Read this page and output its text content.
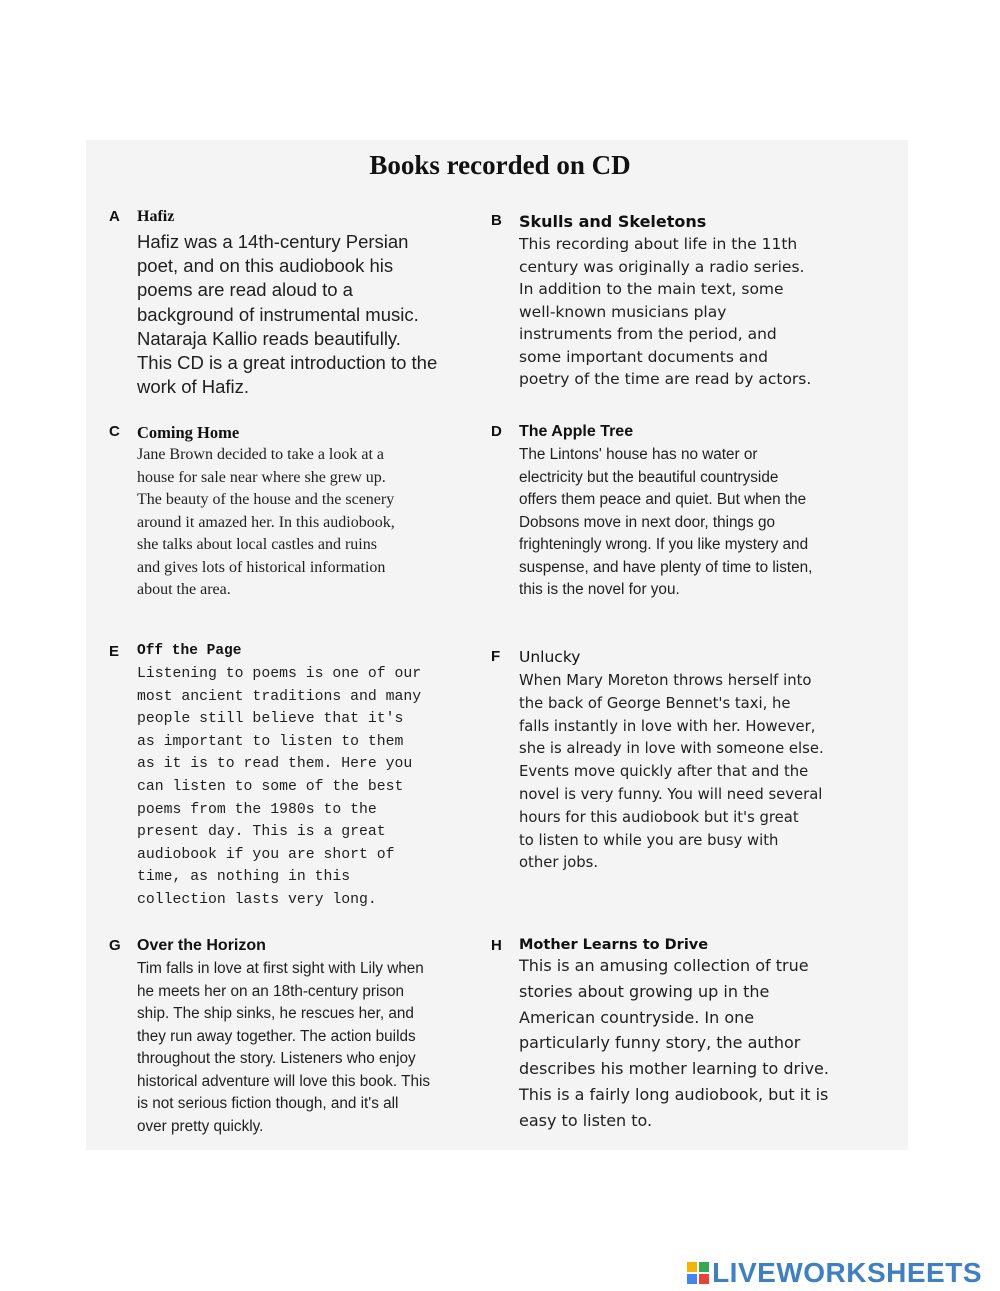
Books recorded on CD
A Hafiz

Hafiz was a 14th-century Persian
poet, and on this audiobook his
poems are read aloud to a
background of instrumental music.
Nataraja Kallio reads beautifully.
This CD is a great introduction to the
work of Hafiz.

B Skulls and Skeletons

This recording about life in the 11th
century was originally a radio series.
In addition to the main text, some
well-known musicians play
instruments from the period, and
some important documents and
poetry of the time are read by actors.

C Coming Home

Jane Brown decided to take a look at a
house for sale near where she grew up.
The beauty of the house and the scenery
around it amazed her. In this audiobook,
she talks about local castles and ruins
and gives lots of historical information
about the area.

D The Apple Tree

The Lintons' house has no water or
electricity but the beautiful countryside
offers them peace and quiet. But when the
Dobsons move in next door, things go
frighteningly wrong. If you like mystery and
suspense, and have plenty of time to listen,
this is the novel for you.

E Off the Page

Listening to poems is one of our
most ancient traditions and many
people still believe that it's
as important to listen to them
as it is to read them. Here you
can listen to some of the best
poems from the 1980s to the
present day. This is a great
audiobook if you are short of
time, as nothing in this
collection lasts very long.

F Unlucky

When Mary Moreton throws herself into
the back of George Bennet's taxi, he
falls instantly in love with her. However,
she is already in love with someone else.
Events move quickly after that and the
novel is very funny. You will need several
hours for this audiobook but it's great
to listen to while you are busy with
other jobs.

G Over the Horizon

Tim falls in love at first sight with Lily when
he meets her on an 18th-century prison
ship. The ship sinks, he rescues her, and
they run away together. The action builds
throughout the story. Listeners who enjoy
historical adventure will love this book. This
is not serious fiction though, and it's all
over pretty quickly.

H Mother Learns to Drive

This is an amusing collection of true
stories about growing up in the
American countryside. In one
particularly funny story, the author
describes his mother learning to drive.
This is a fairly long audiobook, but it is
easy to listen to.

LIVEWORKSHEETS
